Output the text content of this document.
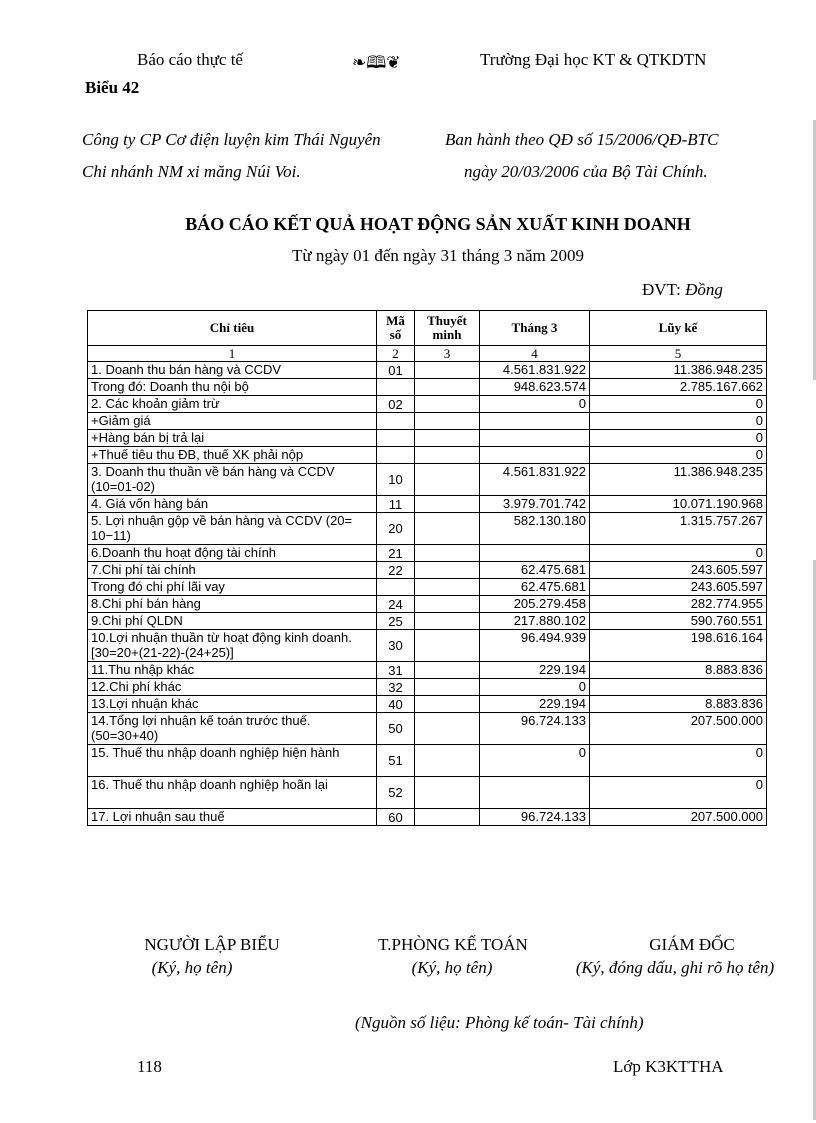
Báo cáo thực tế	❧🕮❦	Trường Đại học KT & QTKDTN
Biểu 42
Công ty CP Cơ điện luyện kim Thái Nguyên
Chi nhánh NM xi măng Núi Voi.
Ban hành theo QĐ số 15/2006/QĐ-BTC
ngày 20/03/2006 của Bộ Tài Chính.
BÁO CÁO KẾT QUẢ HOẠT ĐỘNG SẢN XUẤT KINH DOANH
Từ ngày 01 đến ngày 31 tháng 3 năm 2009
ĐVT: Đồng
Chỉ tiêu	Mã số	Thuyết minh	Tháng 3	Lũy kế
1	2	3	4	5
1. Doanh thu bán hàng và CCDV	01		4.561.831.922	11.386.948.235
Trong đó: Doanh thu nội bộ			948.623.574	2.785.167.662
2. Các khoản giảm trừ	02		0	0
+Giảm giá				0
+Hàng bán bị trả lại				0
+Thuế tiêu thu ĐB, thuế XK phải nộp				0
3. Doanh thu thuần về bán hàng và CCDV (10=01-02)	10		4.561.831.922	11.386.948.235
4. Giá vốn hàng bán	11		3.979.701.742	10.071.190.968
5. Lợi nhuận gộp về bán hàng và CCDV (20= 10−11)	20		582.130.180	1.315.757.267
6.Doanh thu hoạt động tài chính	21			0
7.Chi phí tài chính	22		62.475.681	243.605.597
Trong đó chi phí lãi vay			62.475.681	243.605.597
8.Chi phí bán hàng	24		205.279.458	282.774.955
9.Chi phí QLDN	25		217.880.102	590.760.551
10.Lợi nhuận thuần từ hoạt động kinh doanh.[30=20+(21-22)-(24+25)]	30		96.494.939	198.616.164
11.Thu nhập khác	31		229.194	8.883.836
12.Chi phí khác	32		0	
13.Lợi nhuận khác	40		229.194	8.883.836
14.Tổng lợi nhuận kế toán trước thuế.(50=30+40)	50		96.724.133	207.500.000
15. Thuế thu nhập doanh nghiệp hiện hành	51		0	0
16. Thuế thu nhập doanh nghiệp hoãn lại	52			0
17. Lợi nhuận sau thuế	60		96.724.133	207.500.000
NGƯỜI LẬP BIỂU
(Ký, họ tên)
T.PHÒNG KẾ TOÁN
(Ký, họ tên)
GIÁM ĐỐC
(Ký, đóng dấu, ghi rõ họ tên)
(Nguồn số liệu: Phòng kế toán- Tài chính)
118	Lớp K3KTTHA
